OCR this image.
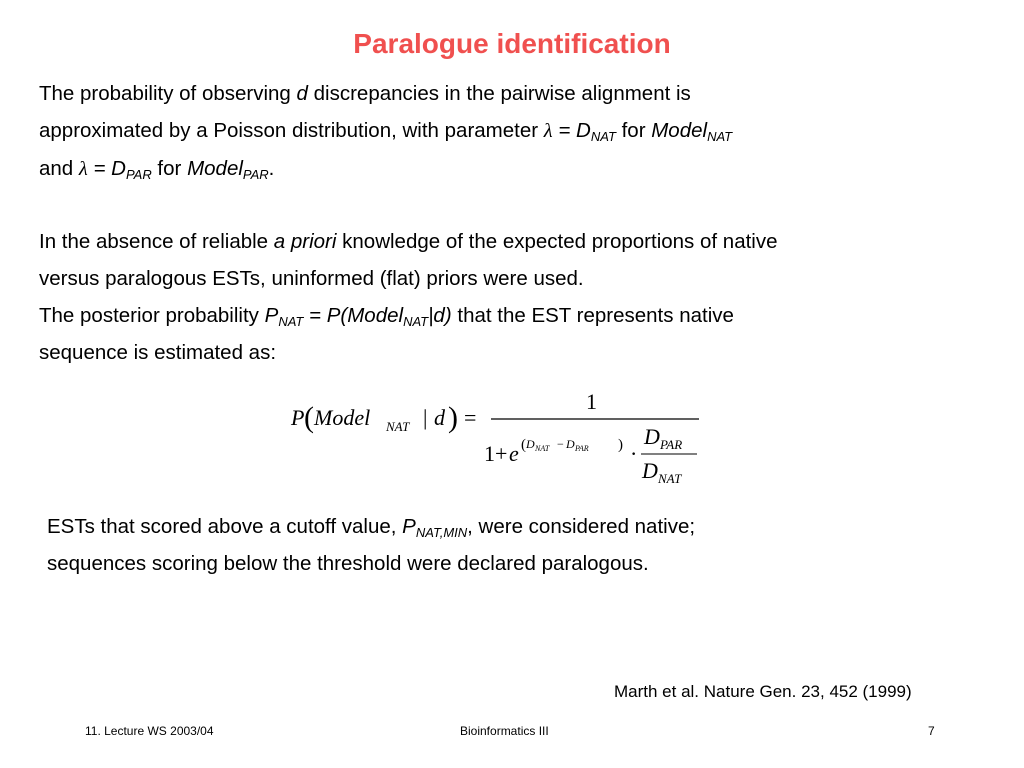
Paralogue identification
The probability of observing d discrepancies in the pairwise alignment is
approximated by a Poisson distribution, with parameter $\lambda = D_{NAT}$ for Model$_{NAT}$
and $\lambda = D_{PAR}$ for Model$_{PAR}$.
In the absence of reliable a priori knowledge of the expected proportions of native
versus paralogous ESTs, uninformed (flat) priors were used.
The posterior probability $P_{NAT}$ = P(Model$_{NAT}$|d) that the EST represents native
sequence is estimated as:
P ( Model NAT | d ) =
1
1+ e ( D NAT − D PAR ) ·
D PAR
D NAT
ESTs that scored above a cutoff value, $P_{NAT,MIN}$, were considered native;
sequences scoring below the threshold were declared paralogous.
Marth et al. Nature Gen. 23, 452 (1999)
11. Lecture WS 2003/04	Bioinformatics III	7
